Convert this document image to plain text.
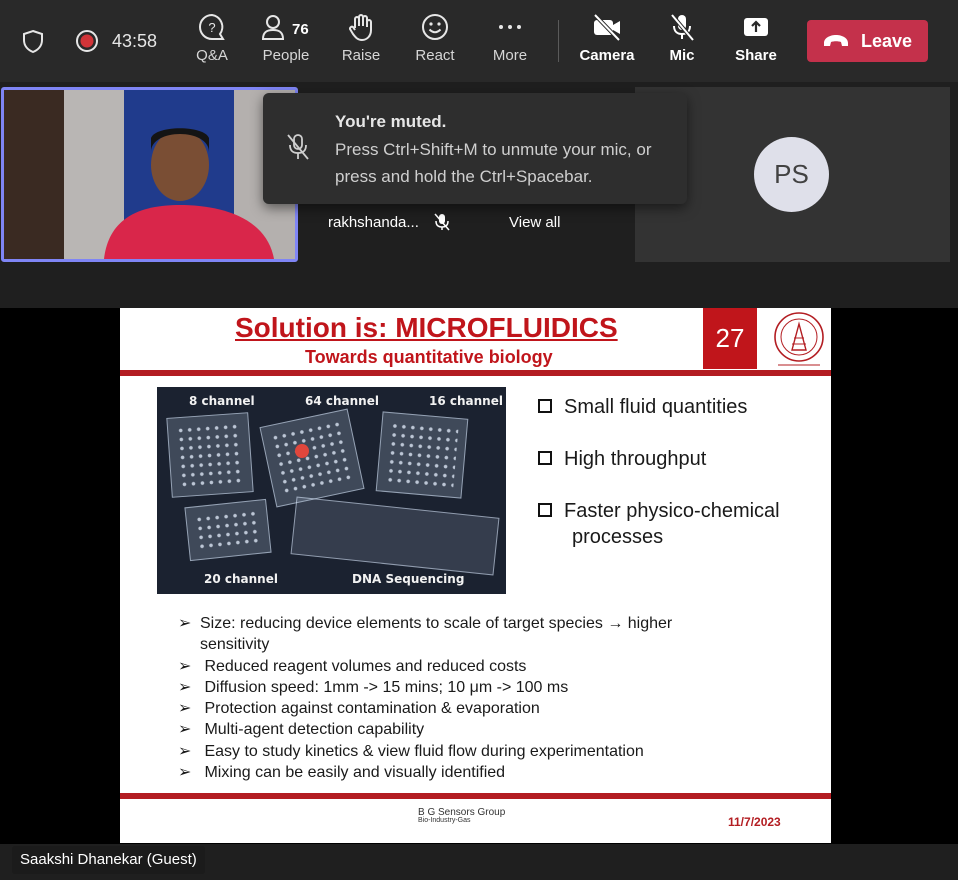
43:58
?
Q&A
76
People	Raise	React	More	Camera	Mic	Share
Leave
rakhshanda...	View all
PS
You're muted.
Press Ctrl+Shift+M to unmute your mic, or press and hold the Ctrl+Spacebar.
Solution is: MICROFLUIDICS
Towards quantitative biology
27
8 channel	64 channel	16 channel
20 channel	DNA Sequencing
Small fluid quantities
High throughput
Faster physico-chemical
processes
➢ Size: reducing device elements to scale of target species → higher
sensitivity
➢ Reduced reagent volumes and reduced costs
➢ Diffusion speed: 1mm -> 15 mins; 10 μm -> 100 ms
➢ Protection against contamination & evaporation
➢ Multi-agent detection capability
➢ Easy to study kinetics & view fluid flow during experimentation
➢ Mixing can be easily and visually identified
B G Sensors Group
Bio-Industry-Gas	11/7/2023
Saakshi Dhanekar (Guest)
